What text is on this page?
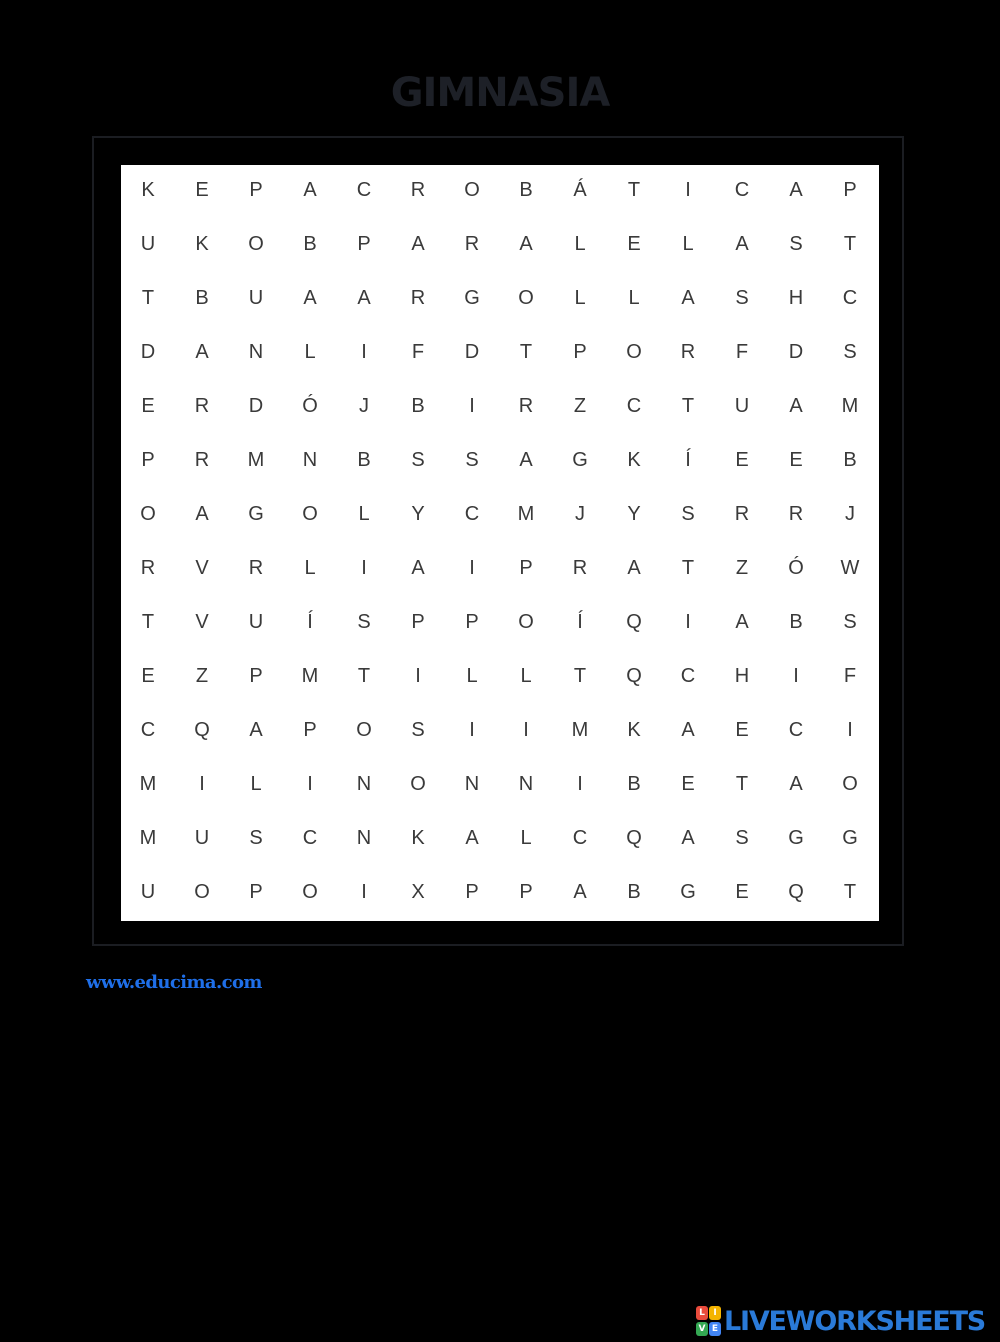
GIMNASIA
K	E	P	A	C	R	O	B	Á	T	I	C	A	P
U	K	O	B	P	A	R	A	L	E	L	A	S	T
T	B	U	A	A	R	G	O	L	L	A	S	H	C
D	A	N	L	I	F	D	T	P	O	R	F	D	S
E	R	D	Ó	J	B	I	R	Z	C	T	U	A	M
P	R	M	N	B	S	S	A	G	K	Í	E	E	B
O	A	G	O	L	Y	C	M	J	Y	S	R	R	J
R	V	R	L	I	A	I	P	R	A	T	Z	Ó	W
T	V	U	Í	S	P	P	O	Í	Q	I	A	B	S
E	Z	P	M	T	I	L	L	T	Q	C	H	I	F
C	Q	A	P	O	S	I	I	M	K	A	E	C	I
M	I	L	I	N	O	N	N	I	B	E	T	A	O
M	U	S	C	N	K	A	L	C	Q	A	S	G	G
U	O	P	O	I	X	P	P	A	B	G	E	Q	T
www.educima.com
L I
V E LIVEWORKSHEETS
